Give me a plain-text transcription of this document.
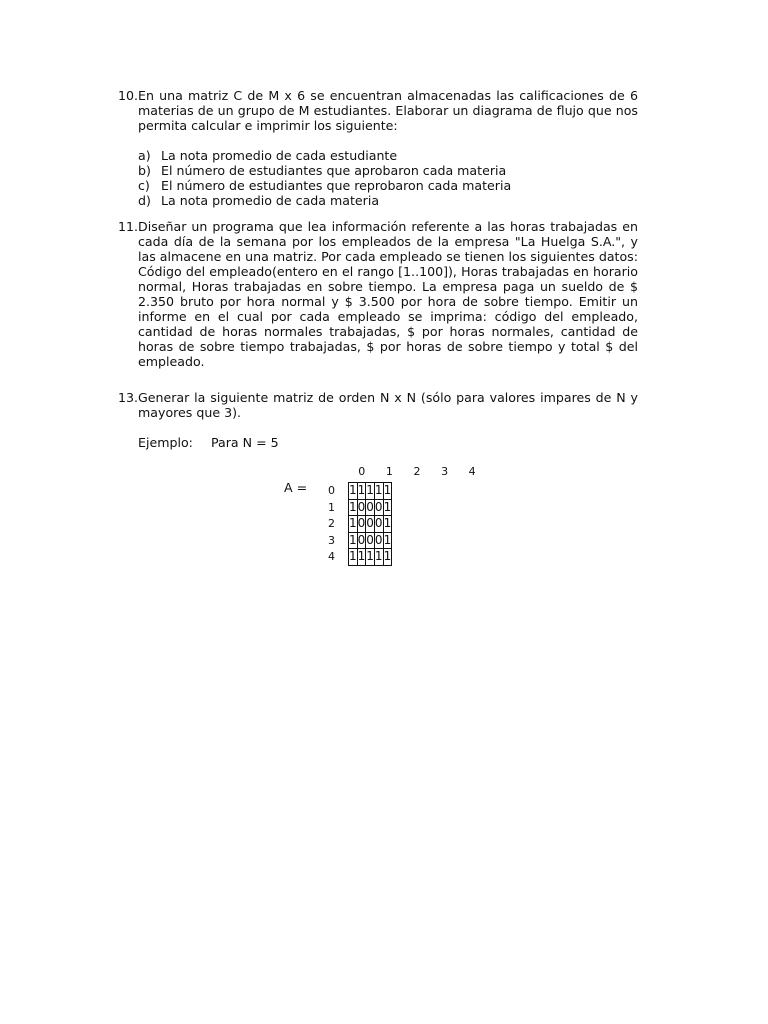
10. En una matriz C de M x 6 se encuentran almacenadas las calificaciones de 6 materias de un grupo de M estudiantes. Elaborar un diagrama de flujo que nos permita calcular e imprimir los siguiente:
a) La nota promedio de cada estudiante
b) El número de estudiantes que aprobaron cada materia
c) El número de estudiantes que reprobaron cada materia
d) La nota promedio de cada materia
11. Diseñar un programa que lea información referente a las horas trabajadas en cada día de la semana por los empleados de la empresa "La Huelga S.A.", y las almacene en una matriz. Por cada empleado se tienen los siguientes datos: Código del empleado(entero en el rango [1..100]), Horas trabajadas en horario normal, Horas trabajadas en sobre tiempo. La empresa paga un sueldo de $ 2.350 bruto por hora normal y $ 3.500 por hora de sobre tiempo. Emitir un informe en el cual por cada empleado se imprima: código del empleado, cantidad de horas normales trabajadas, $ por horas normales, cantidad de horas de sobre tiempo trabajadas, $ por horas de sobre tiempo y total $ del empleado.
13. Generar la siguiente matriz de orden N x N (sólo para valores impares de N y mayores que 3).
Ejemplo:	Para N = 5
A =
0	1	2	3	4
0
1
2
3
4
1	1	1	1	1
1	0	0	0	1
1	0	0	0	1
1	0	0	0	1
1	1	1	1	1
